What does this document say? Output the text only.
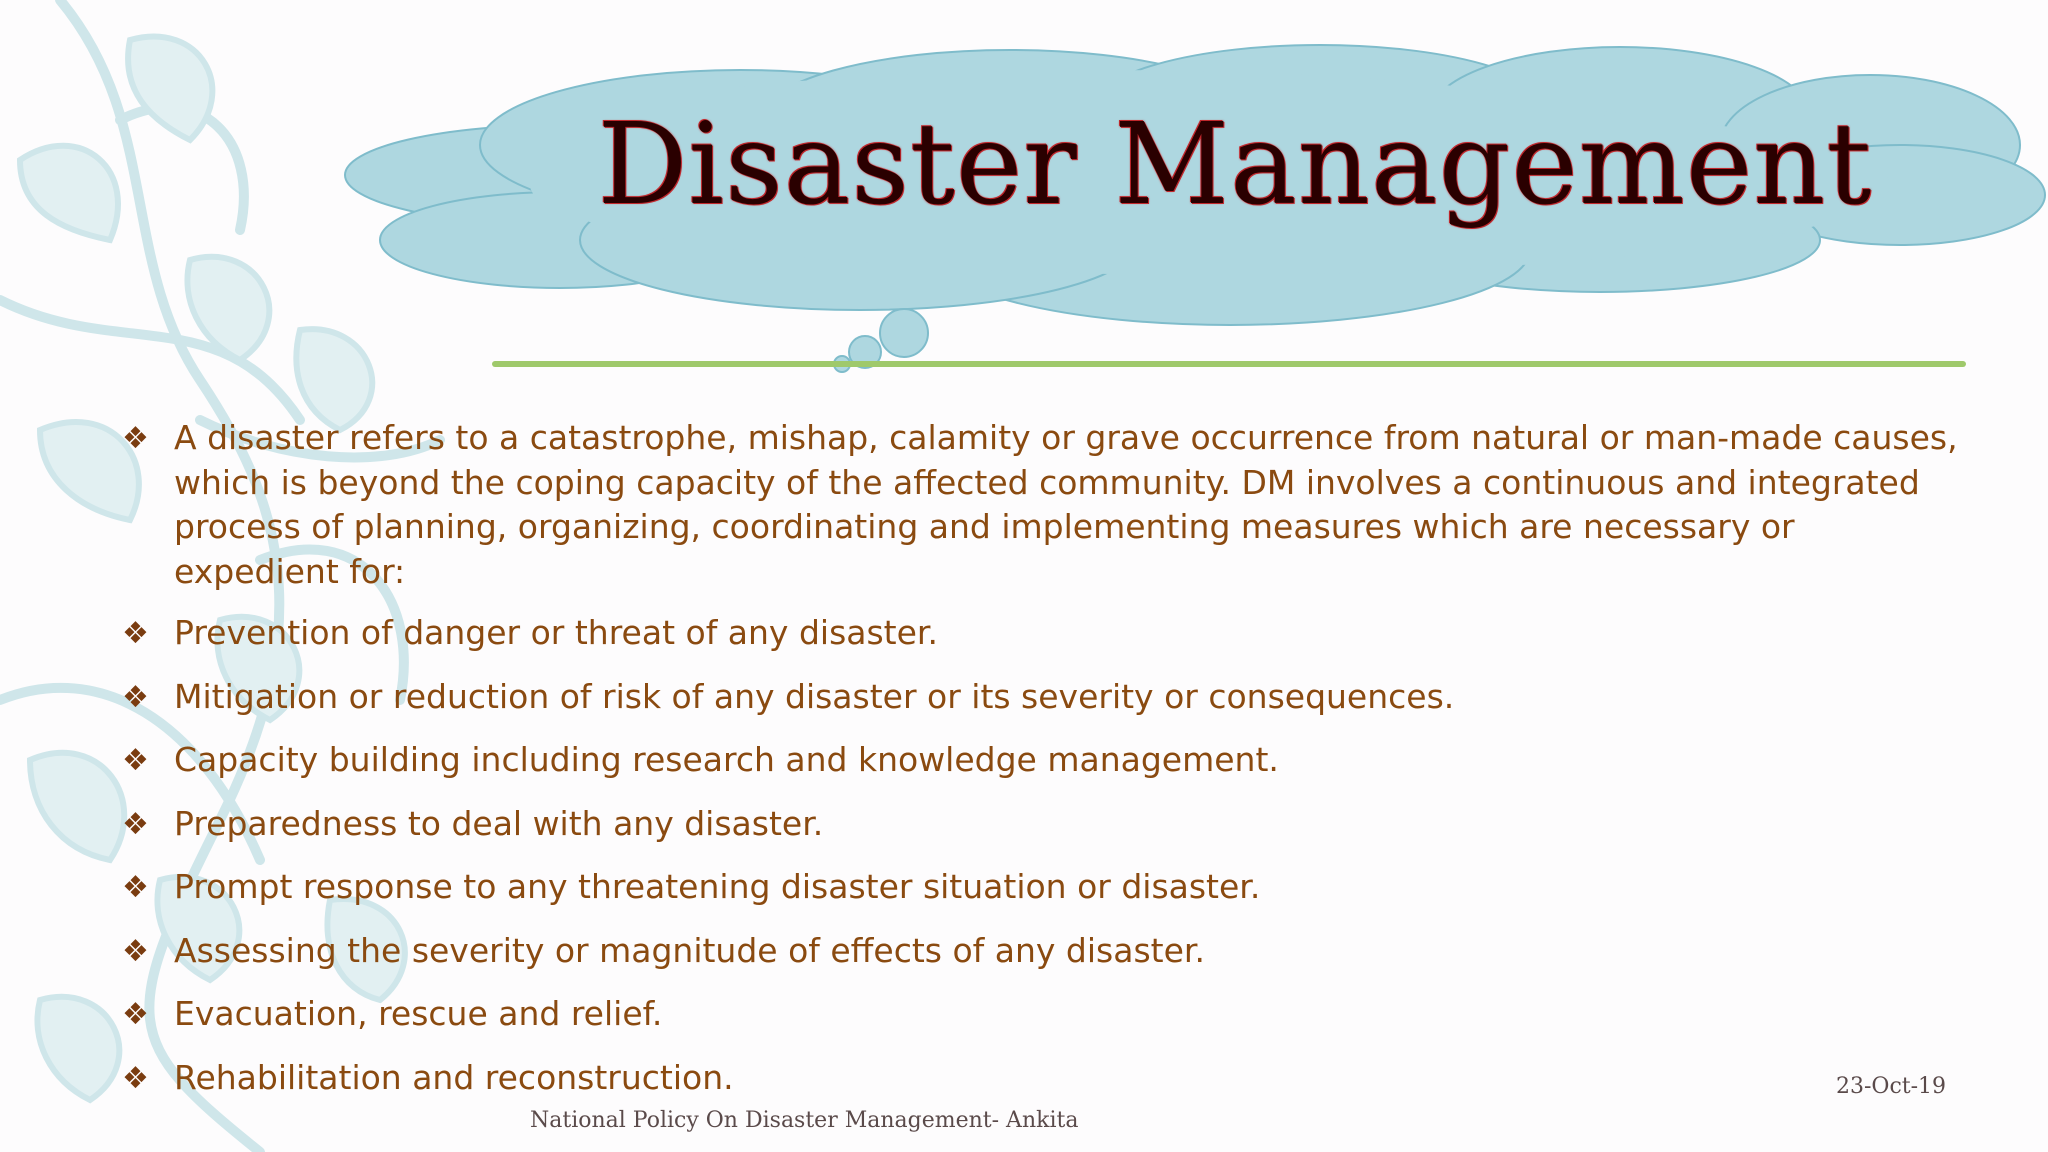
Disaster Management
❖ A disaster refers to a catastrophe, mishap, calamity or grave occurrence from natural or man-made causes, which is beyond the coping capacity of the affected community. DM involves a continuous and integrated process of planning, organizing, coordinating and implementing measures which are necessary or expedient for:
❖ Prevention of danger or threat of any disaster.
❖ Mitigation or reduction of risk of any disaster or its severity or consequences.
❖ Capacity building including research and knowledge management.
❖ Preparedness to deal with any disaster.
❖ Prompt response to any threatening disaster situation or disaster.
❖ Assessing the severity or magnitude of effects of any disaster.
❖ Evacuation, rescue and relief.
❖ Rehabilitation and reconstruction.	23-Oct-19
National Policy On Disaster Management- Ankita
